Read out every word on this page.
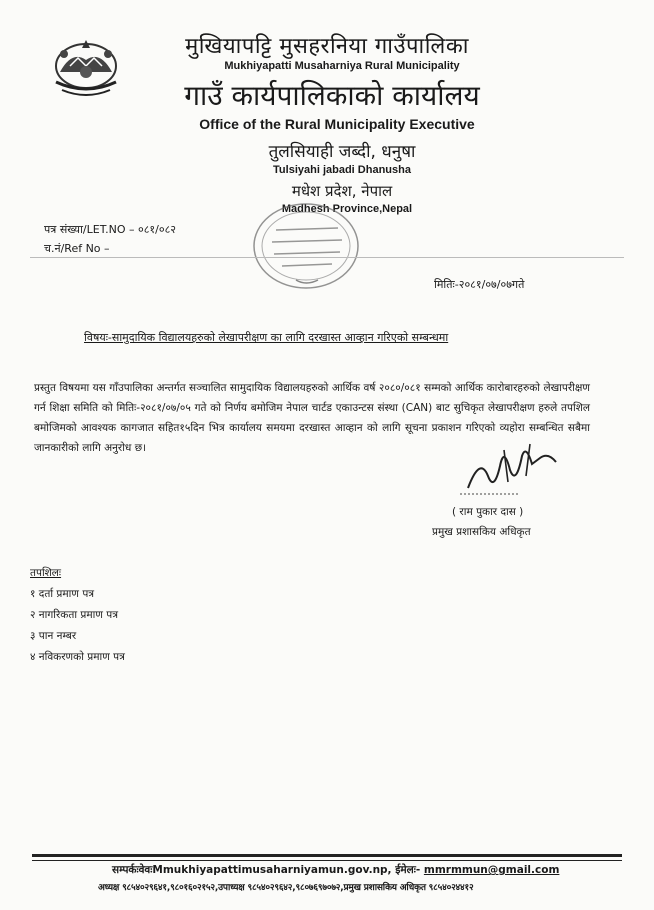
मुखियापट्टि मुसहरनिया गाउँपालिका
Mukhiyapatti Musaharniya Rural Municipality
गाउँ कार्यपालिकाको कार्यालय
Office of the Rural Municipality Executive
तुलसियाही जब्दी, धनुषा
Tulsiyahi jabadi Dhanusha
मधेश प्रदेश, नेपाल
Madhesh Province,Nepal
पत्र संख्या/LET.NO – ०८१/०८२
च.नं/Ref No –
मितिः-२०८१/०७/०७गते
विषयः-सामुदायिक विद्यालयहरुको लेखापरीक्षण का लागि दरखास्त आव्हान गरिएको सम्बन्धमा
प्रस्तुत विषयमा यस गाँउपालिका अन्तर्गत सञ्चालित सामुदायिक विद्यालयहरुको आर्थिक वर्ष २०८०/०८१ सम्मको आर्थिक कारोबारहरुको लेखापरीक्षण गर्न शिक्षा समिति को मितिः-२०८१/०७/०५ गते को निर्णय बमोजिम नेपाल चार्टड एकाउन्टस संस्था (CAN) बाट सुचिकृत लेखापरीक्षण हरुले तपशिल बमोजिमको आवश्यक कागजात सहित१५दिन भित्र कार्यालय समयमा दरखास्त आव्हान को लागि सूचना प्रकाशन गरिएको व्यहोरा सम्बन्धित सबैमा जानकारीको लागि अनुरोध छ।
( राम पुकार दास )
प्रमुख प्रशासकिय अधिकृत
तपशिलः
१ दर्ता प्रमाण पत्र
२ नागरिकता प्रमाण पत्र
३ पान नम्बर
४ नविकरणको प्रमाण पत्र
सम्पर्कःवेवःMmukhiyapattimusaharniyamun.gov.np, ईमेलः- mmrmmun@gmail.com
अध्यक्ष ९८५४०२९६४१,९८०१६०२१५२,उपाध्यक्ष ९८५४०२९६४२,९८०७६९७०७२,प्रमुख प्रशासकिय अधिकृत ९८५४०२४४१२
